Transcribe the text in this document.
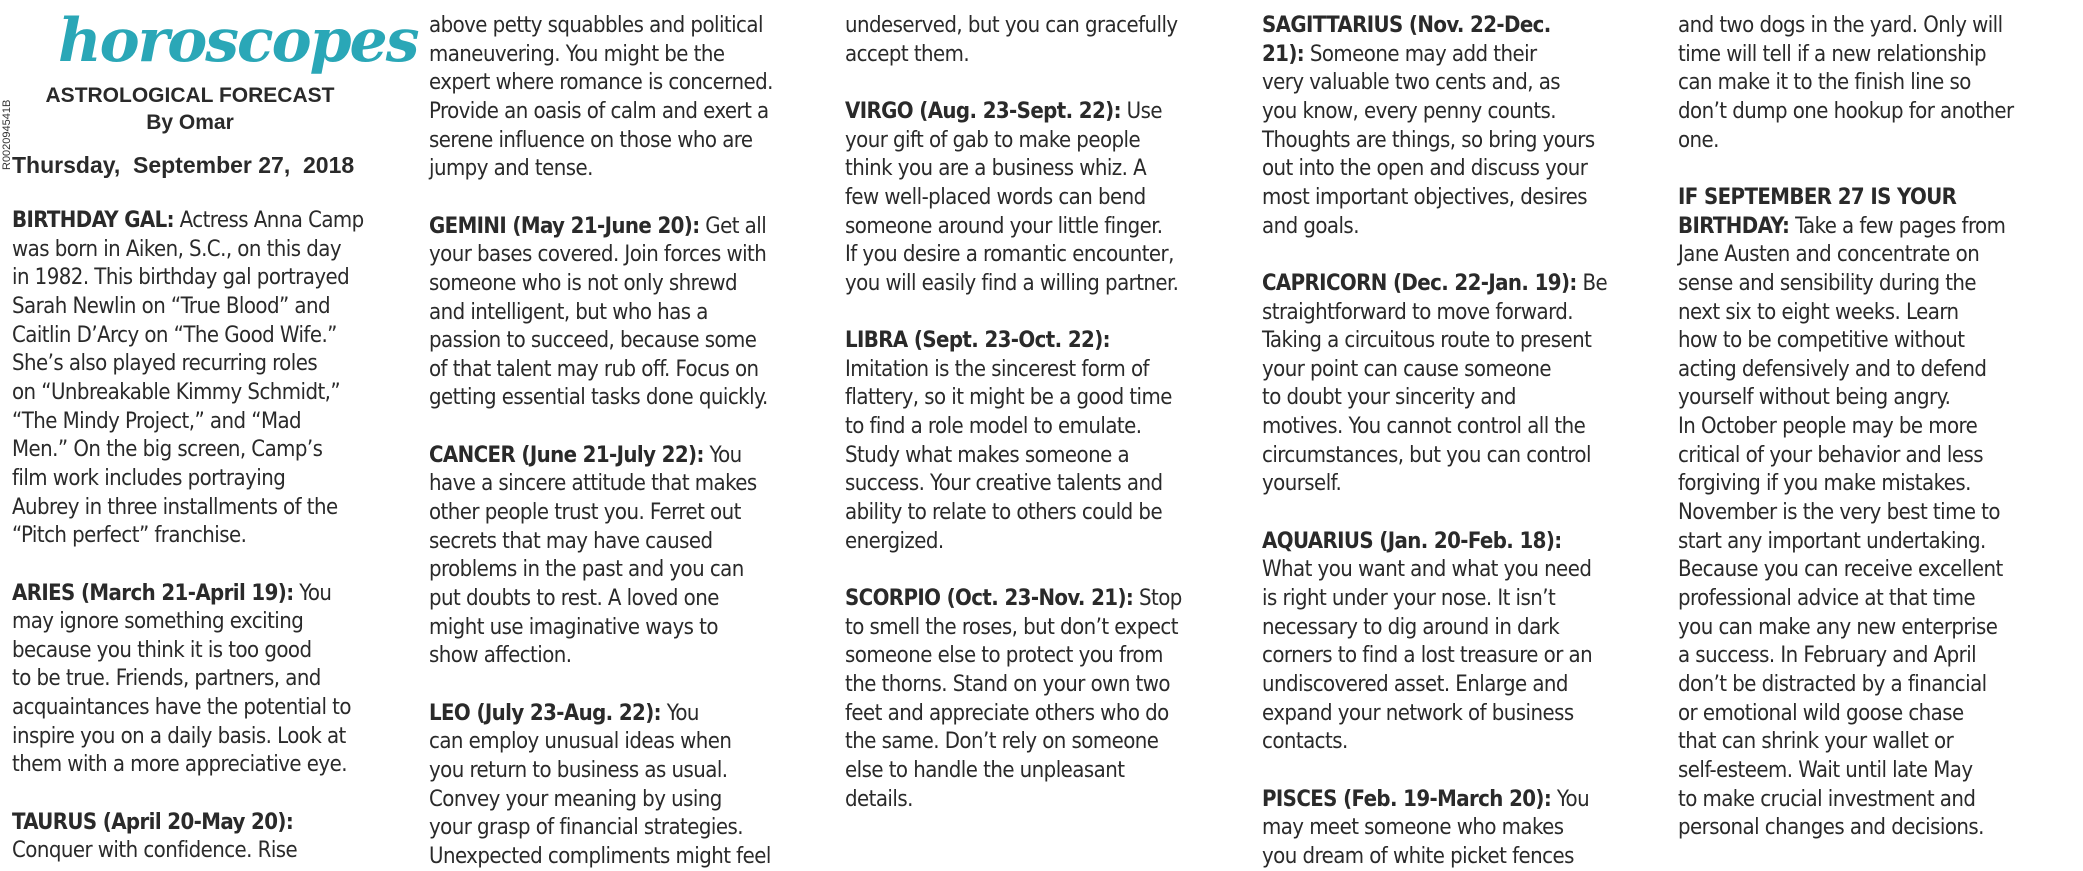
horoscopes
ASTROLOGICAL FORECAST
By Omar
Thursday,  September 27,  2018
R002094541B
BIRTHDAY GAL: Actress Anna Camp
was born in Aiken, S.C., on this day
in 1982. This birthday gal portrayed
Sarah Newlin on “True Blood” and
Caitlin D’Arcy on “The Good Wife.”
She’s also played recurring roles
on “Unbreakable Kimmy Schmidt,”
“The Mindy Project,” and “Mad
Men.” On the big screen, Camp’s
film work includes portraying
Aubrey in three installments of the
“Pitch perfect” franchise.
ARIES (March 21-April 19): You
may ignore something exciting
because you think it is too good
to be true. Friends, partners, and
acquaintances have the potential to
inspire you on a daily basis. Look at
them with a more appreciative eye.
TAURUS (April 20-May 20):
Conquer with confidence. Rise
above petty squabbles and political
maneuvering. You might be the
expert where romance is concerned.
Provide an oasis of calm and exert a
serene influence on those who are
jumpy and tense.
GEMINI (May 21-June 20): Get all
your bases covered. Join forces with
someone who is not only shrewd
and intelligent, but who has a
passion to succeed, because some
of that talent may rub off. Focus on
getting essential tasks done quickly.
CANCER (June 21-July 22): You
have a sincere attitude that makes
other people trust you. Ferret out
secrets that may have caused
problems in the past and you can
put doubts to rest. A loved one
might use imaginative ways to
show affection.
LEO (July 23-Aug. 22): You
can employ unusual ideas when
you return to business as usual.
Convey your meaning by using
your grasp of financial strategies.
Unexpected compliments might feel
undeserved, but you can gracefully
accept them.
VIRGO (Aug. 23-Sept. 22): Use
your gift of gab to make people
think you are a business whiz. A
few well-placed words can bend
someone around your little finger.
If you desire a romantic encounter,
you will easily find a willing partner.
LIBRA (Sept. 23-Oct. 22):
Imitation is the sincerest form of
flattery, so it might be a good time
to find a role model to emulate.
Study what makes someone a
success. Your creative talents and
ability to relate to others could be
energized.
SCORPIO (Oct. 23-Nov. 21): Stop
to smell the roses, but don’t expect
someone else to protect you from
the thorns. Stand on your own two
feet and appreciate others who do
the same. Don’t rely on someone
else to handle the unpleasant
details.
SAGITTARIUS (Nov. 22-Dec.
21): Someone may add their
very valuable two cents and, as
you know, every penny counts.
Thoughts are things, so bring yours
out into the open and discuss your
most important objectives, desires
and goals.
CAPRICORN (Dec. 22-Jan. 19): Be
straightforward to move forward.
Taking a circuitous route to present
your point can cause someone
to doubt your sincerity and
motives. You cannot control all the
circumstances, but you can control
yourself.
AQUARIUS (Jan. 20-Feb. 18):
What you want and what you need
is right under your nose. It isn’t
necessary to dig around in dark
corners to find a lost treasure or an
undiscovered asset. Enlarge and
expand your network of business
contacts.
PISCES (Feb. 19-March 20): You
may meet someone who makes
you dream of white picket fences
and two dogs in the yard. Only will
time will tell if a new relationship
can make it to the finish line so
don’t dump one hookup for another
one.
IF SEPTEMBER 27 IS YOUR
BIRTHDAY: Take a few pages from
Jane Austen and concentrate on
sense and sensibility during the
next six to eight weeks. Learn
how to be competitive without
acting defensively and to defend
yourself without being angry.
In October people may be more
critical of your behavior and less
forgiving if you make mistakes.
November is the very best time to
start any important undertaking.
Because you can receive excellent
professional advice at that time
you can make any new enterprise
a success. In February and April
don’t be distracted by a financial
or emotional wild goose chase
that can shrink your wallet or
self-esteem. Wait until late May
to make crucial investment and
personal changes and decisions.
